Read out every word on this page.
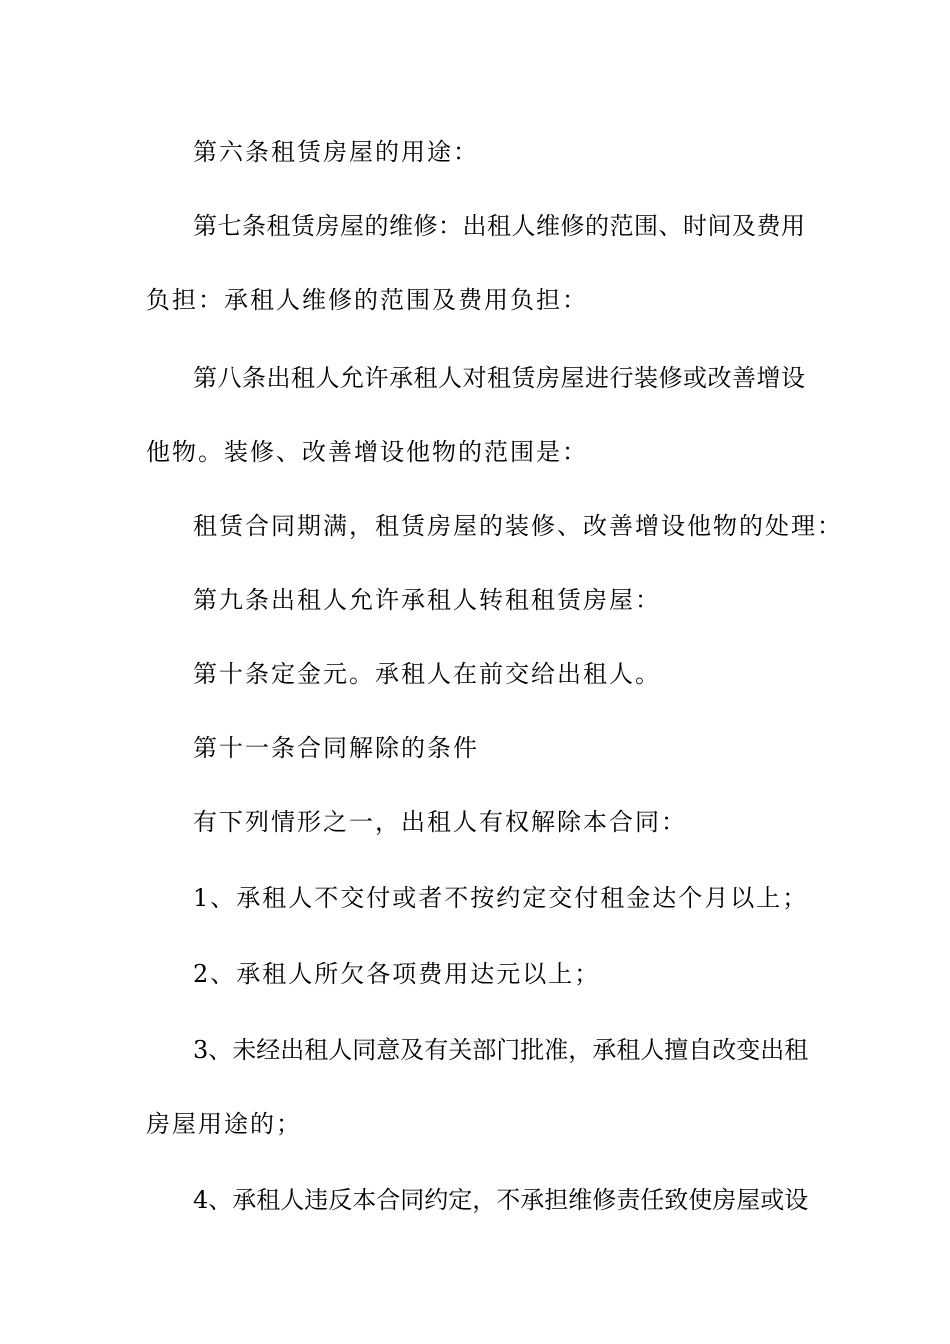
第六条租赁房屋的用途：
第七条租赁房屋的维修：出租人维修的范围、时间及费用
负担：承租人维修的范围及费用负担：
第八条出租人允许承租人对租赁房屋进行装修或改善增设
他物。装修、改善增设他物的范围是：
租赁合同期满，租赁房屋的装修、改善增设他物的处理：
第九条出租人允许承租人转租租赁房屋：
第十条定金元。承租人在前交给出租人。
第十一条合同解除的条件
有下列情形之一，出租人有权解除本合同：
1、承租人不交付或者不按约定交付租金达个月以上；
2、承租人所欠各项费用达元以上；
3、未经出租人同意及有关部门批准，承租人擅自改变出租
房屋用途的；
4、承租人违反本合同约定，不承担维修责任致使房屋或设
